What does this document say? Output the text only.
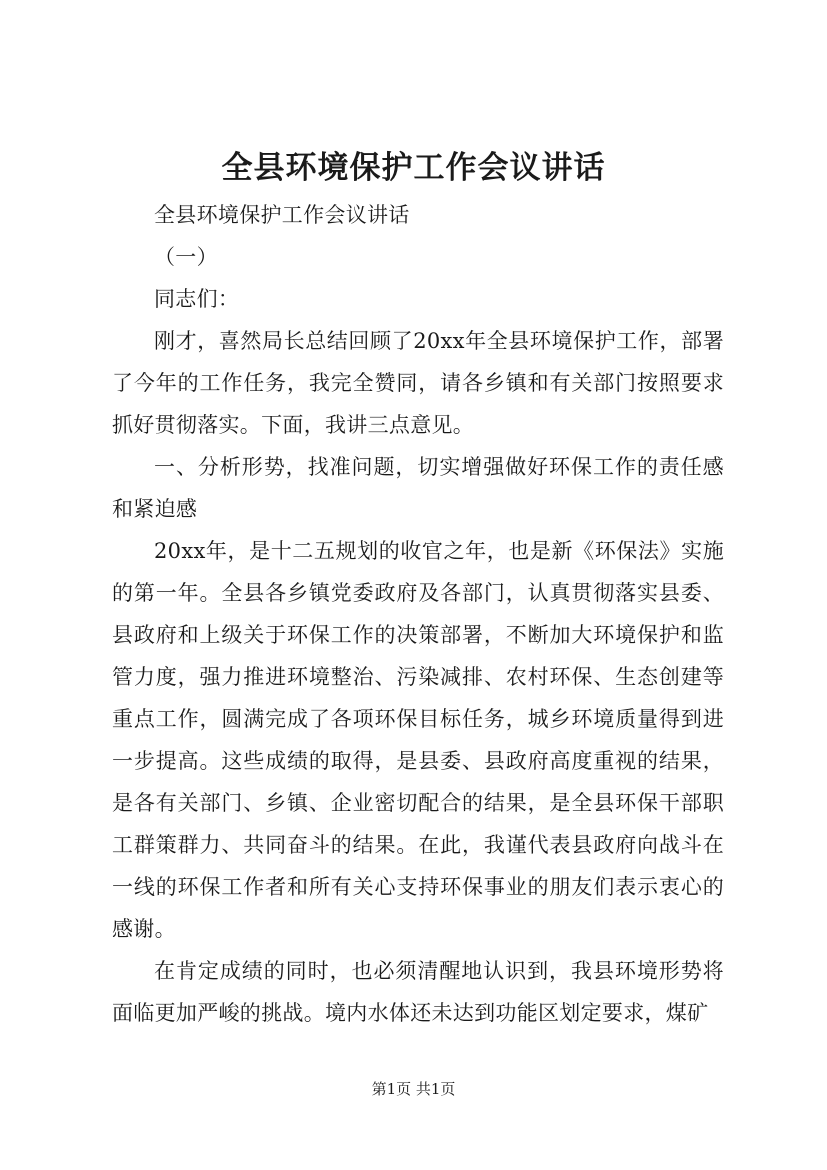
全县环境保护工作会议讲话

全县环境保护工作会议讲话

（一）

同志们：

刚才，喜然局长总结回顾了20xx年全县环境保护工作，部署了今年的工作任务，我完全赞同，请各乡镇和有关部门按照要求抓好贯彻落实。下面，我讲三点意见。

一、分析形势，找准问题，切实增强做好环保工作的责任感和紧迫感

20xx年，是十二五规划的收官之年，也是新《环保法》实施的第一年。全县各乡镇党委政府及各部门，认真贯彻落实县委、县政府和上级关于环保工作的决策部署，不断加大环境保护和监管力度，强力推进环境整治、污染减排、农村环保、生态创建等重点工作，圆满完成了各项环保目标任务，城乡环境质量得到进一步提高。这些成绩的取得，是县委、县政府高度重视的结果，是各有关部门、乡镇、企业密切配合的结果，是全县环保干部职工群策群力、共同奋斗的结果。在此，我谨代表县政府向战斗在一线的环保工作者和所有关心支持环保事业的朋友们表示衷心的感谢。

在肯定成绩的同时，也必须清醒地认识到，我县环境形势将面临更加严峻的挑战。境内水体还未达到功能区划定要求，煤矿

第1页 共1页
